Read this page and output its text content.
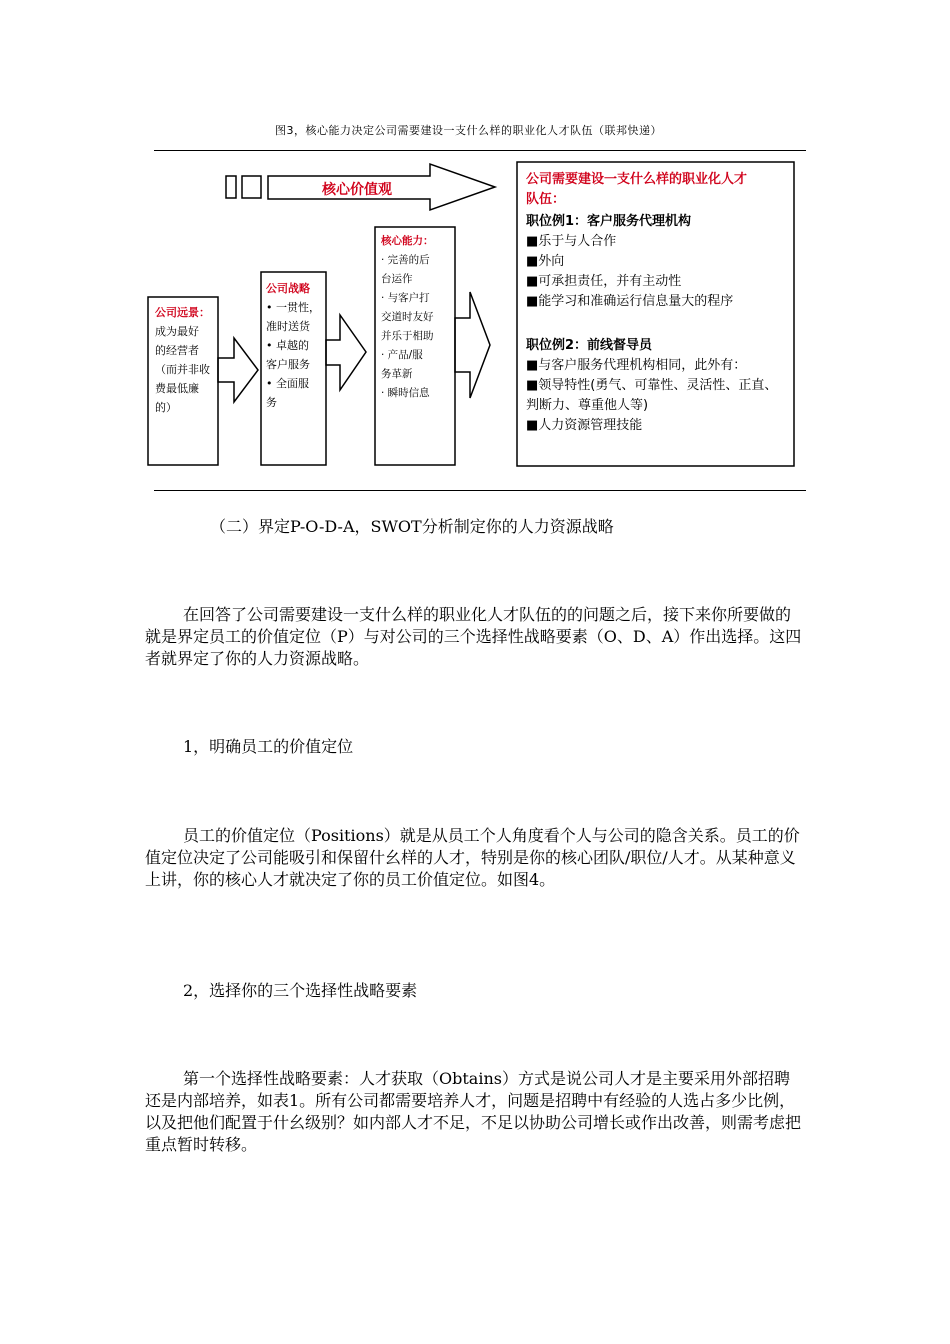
图3，核心能力决定公司需要建设一支什么样的职业化人才队伍（联邦快递）
核心价值观
公司远景：
成为最好
的经营者
（而并非收
费最低廉
的）
公司战略
• 一贯性，
准时送货
• 卓越的
客户服务
• 全面服
务
核心能力：
· 完善的后
台运作
· 与客户打
交道时友好
并乐于相助
· 产品/服
务革新
· 瞬時信息
公司需要建设一支什么样的职业化人才
队伍：
职位例1：客户服务代理机构
■乐于与人合作
■外向
■可承担责任，并有主动性
■能学习和准确运行信息量大的程序
职位例2：前线督导员
■与客户服务代理机构相同，此外有：
■领导特性(勇气、可靠性、灵活性、正直、
判断力、尊重他人等)
■人力资源管理技能
（二）界定P-O-D-A，SWOT分析制定你的人力资源战略
在回答了公司需要建设一支什么样的职业化人才队伍的的问题之后，接下来你所要做的就是界定员工的价值定位（P）与对公司的三个选择性战略要素（O、D、A）作出选择。这四者就界定了你的人力资源战略。
1，明确员工的价值定位
员工的价值定位（Positions）就是从员工个人角度看个人与公司的隐含关系。员工的价值定位决定了公司能吸引和保留什幺样的人才，特别是你的核心团队/职位/人才。从某种意义上讲，你的核心人才就决定了你的员工价值定位。如图4。
2，选择你的三个选择性战略要素
第一个选择性战略要素：人才获取（Obtains）方式是说公司人才是主要采用外部招聘还是内部培养，如表1。所有公司都需要培养人才，问题是招聘中有经验的人选占多少比例，以及把他们配置于什幺级别？如内部人才不足，不足以协助公司增长或作出改善，则需考虑把重点暂时转移。
